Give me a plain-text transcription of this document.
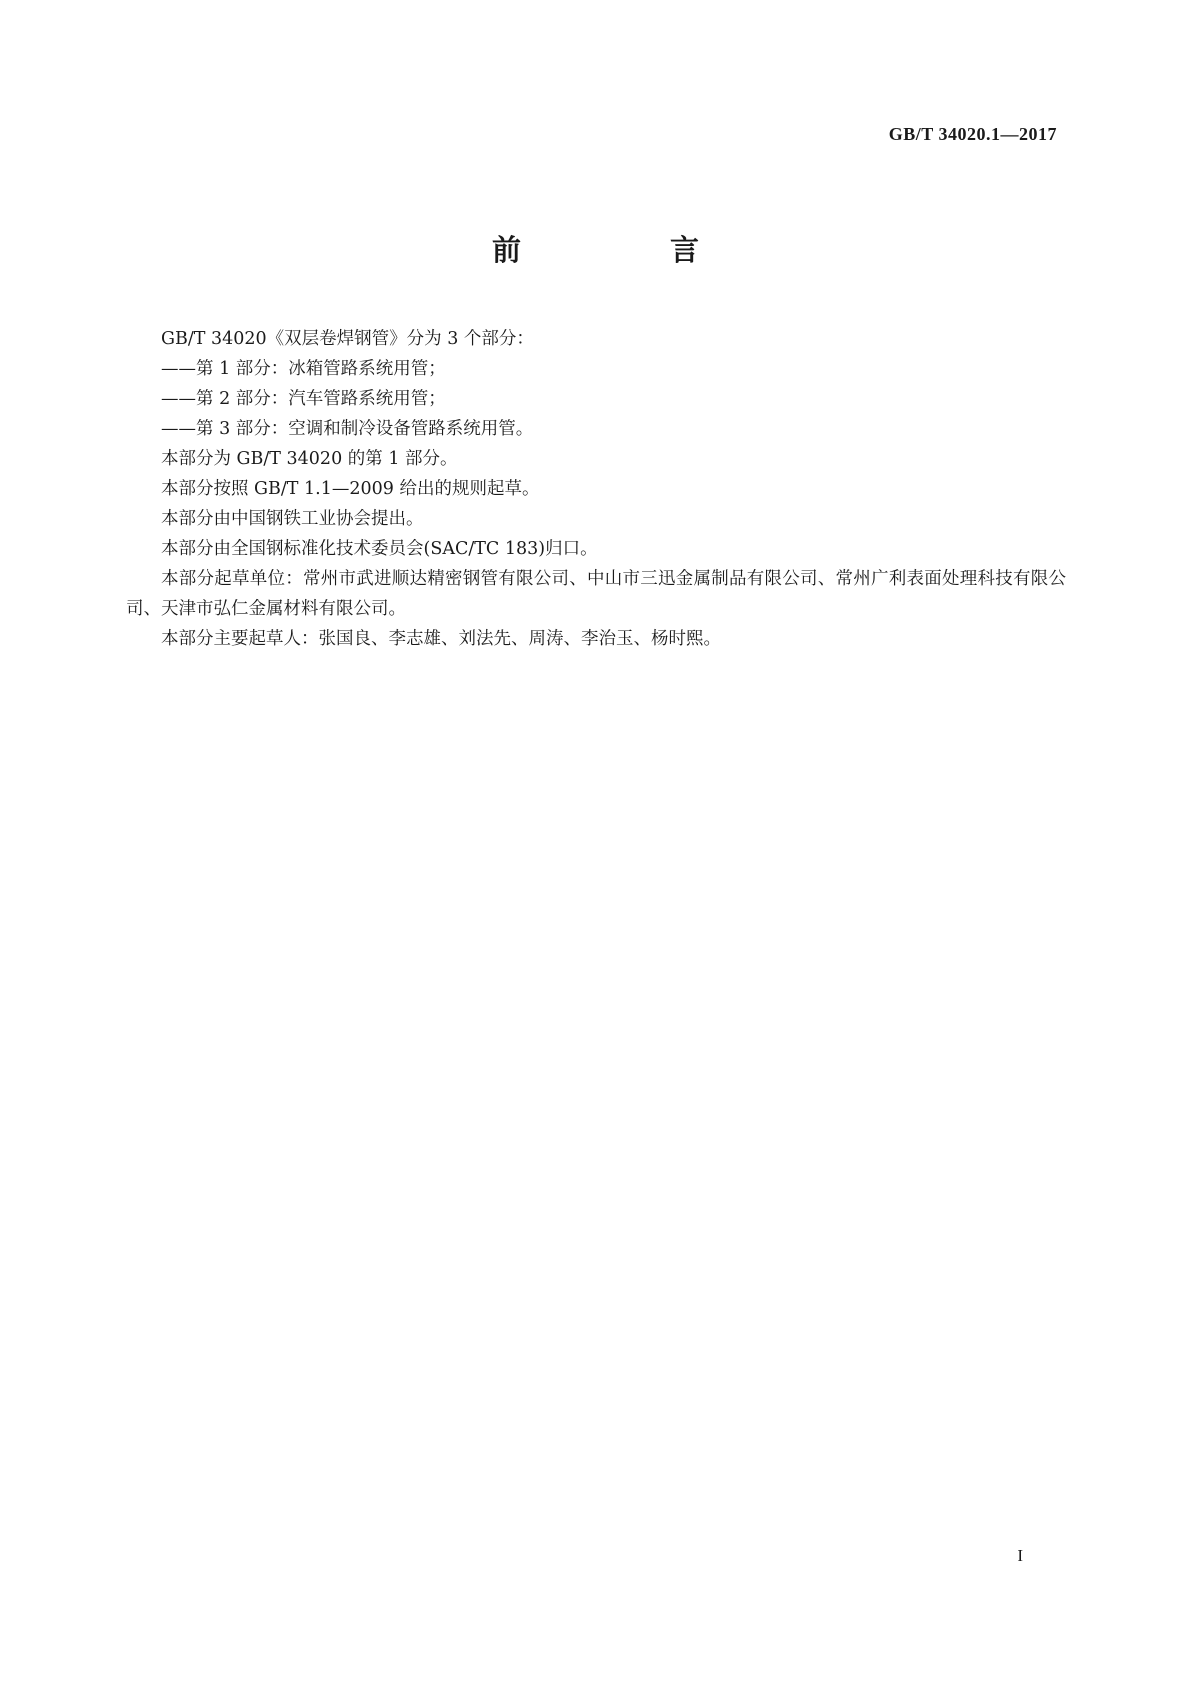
GB/T 34020.1—2017
前　言

GB/T 34020《双层卷焊钢管》分为 3 个部分：

——第 1 部分：冰箱管路系统用管；

——第 2 部分：汽车管路系统用管；

——第 3 部分：空调和制冷设备管路系统用管。

本部分为 GB/T 34020 的第 1 部分。

本部分按照 GB/T 1.1—2009 给出的规则起草。

本部分由中国钢铁工业协会提出。

本部分由全国钢标准化技术委员会(SAC/TC 183)归口。

本部分起草单位：常州市武进顺达精密钢管有限公司、中山市三迅金属制品有限公司、常州广利表面处理科技有限公司、天津市弘仁金属材料有限公司。

本部分主要起草人：张国良、李志雄、刘法先、周涛、李治玉、杨时熙。

I
